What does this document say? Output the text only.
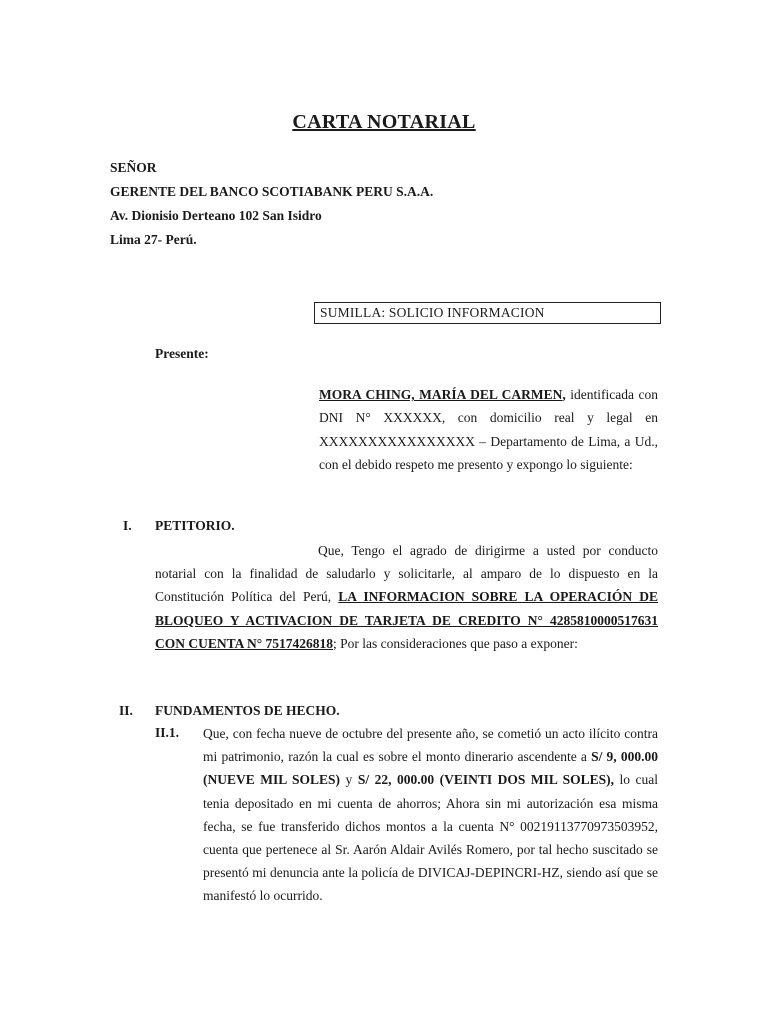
CARTA NOTARIAL
SEÑOR
GERENTE DEL BANCO SCOTIABANK PERU S.A.A.
Av. Dionisio Derteano 102 San Isidro
Lima 27- Perú.
SUMILLA: SOLICIO INFORMACION
Presente:
MORA CHING, MARÍA DEL CARMEN, identificada con DNI N° XXXXXX, con domicilio real y legal en XXXXXXXXXXXXXXXX – Departamento de Lima, a Ud., con el debido respeto me presento y expongo lo siguiente:
I. PETITORIO.
Que, Tengo el agrado de dirigirme a usted por conducto notarial con la finalidad de saludarlo y solicitarle, al amparo de lo dispuesto en la Constitución Política del Perú, LA INFORMACION SOBRE LA OPERACIÓN DE BLOQUEO Y ACTIVACION DE TARJETA DE CREDITO N° 4285810000517631 CON CUENTA N° 7517426818; Por las consideraciones que paso a exponer:
II. FUNDAMENTOS DE HECHO.
II.1. Que, con fecha nueve de octubre del presente año, se cometió un acto ilícito contra mi patrimonio, razón la cual es sobre el monto dinerario ascendente a S/ 9, 000.00 (NUEVE MIL SOLES) y S/ 22, 000.00 (VEINTI DOS MIL SOLES), lo cual tenia depositado en mi cuenta de ahorros; Ahora sin mi autorización esa misma fecha, se fue transferido dichos montos a la cuenta N° 00219113770973503952, cuenta que pertenece al Sr. Aarón Aldair Avilés Romero, por tal hecho suscitado se presentó mi denuncia ante la policía de DIVICAJ-DEPINCRI-HZ, siendo así que se manifestó lo ocurrido.
